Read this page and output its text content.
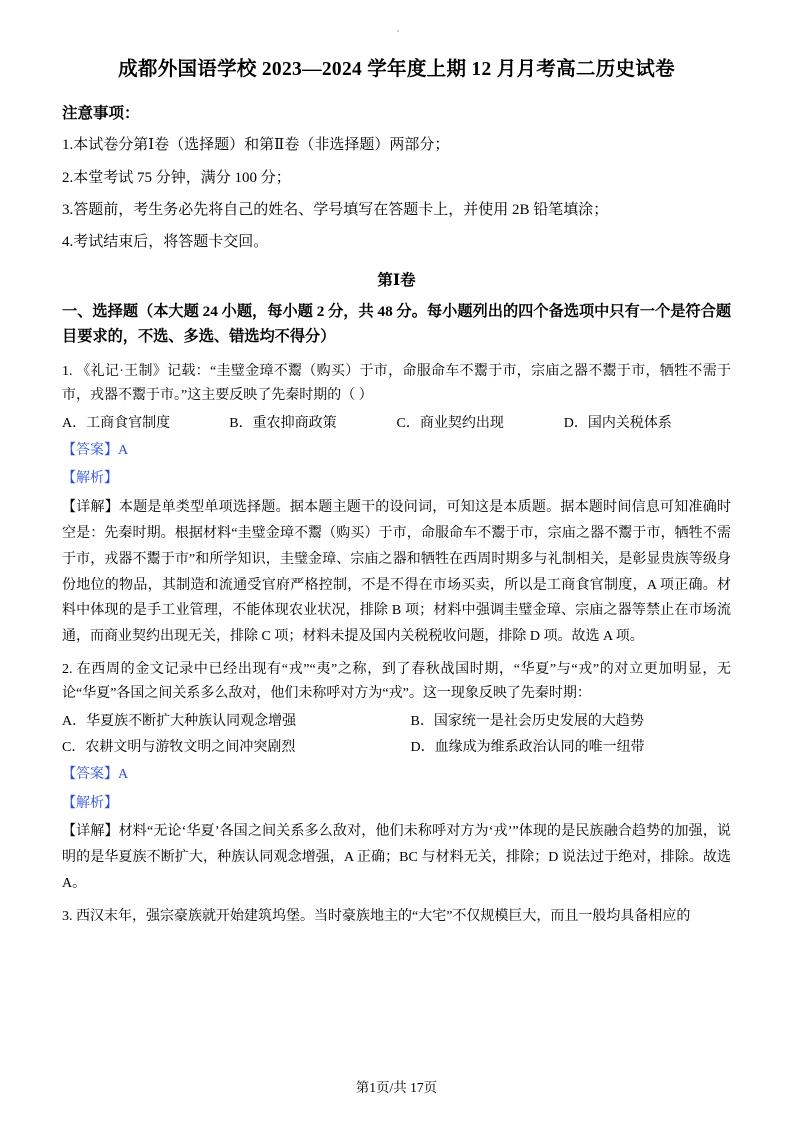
成都外国语学校 2023—2024 学年度上期 12 月月考高二历史试卷
注意事项：
1.本试卷分第Ⅰ卷（选择题）和第Ⅱ卷（非选择题）两部分；
2.本堂考试 75 分钟，满分 100 分；
3.答题前，考生务必先将自己的姓名、学号填写在答题卡上，并使用 2B 铅笔填涂；
4.考试结束后，将答题卡交回。
第Ⅰ卷
一、选择题（本大题 24 小题，每小题 2 分，共 48 分。每小题列出的四个备选项中只有一个是符合题目要求的，不选、多选、错选均不得分）
1. 《礼记·王制》记载：“圭璧金璋不鬻（购买）于市，命服命车不鬻于市，宗庙之器不鬻于市，牺牲不需于市，戎器不鬻于市。”这主要反映了先秦时期的（ ）
A．工商食官制度	B．重农抑商政策	C．商业契约出现	D．国内关税体系
【答案】A
【解析】
【详解】本题是单类型单项选择题。据本题主题干的设问词，可知这是本质题。据本题时间信息可知准确时空是：先秦时期。根据材料“圭璧金璋不鬻（购买）于市，命服命车不鬻于市，宗庙之器不鬻于市，牺牲不需于市，戎器不鬻于市”和所学知识，圭璧金璋、宗庙之器和牺牲在西周时期多与礼制相关，是彰显贵族等级身份地位的物品，其制造和流通受官府严格控制，不是不得在市场买卖，所以是工商食官制度，A 项正确。材料中体现的是手工业管理，不能体现农业状况，排除 B 项；材料中强调圭璧金璋、宗庙之器等禁止在市场流通，而商业契约出现无关，排除 C 项；材料未提及国内关税税收问题，排除 D 项。故选 A 项。
2. 在西周的金文记录中已经出现有“戎”“夷”之称，到了春秋战国时期，“华夏”与“戎”的对立更加明显，无论“华夏”各国之间关系多么敌对，他们未称呼对方为“戎”。这一现象反映了先秦时期：
A．华夏族不断扩大种族认同观念增强	B．国家统一是社会历史发展的大趋势
C．农耕文明与游牧文明之间冲突剧烈	D．血缘成为维系政治认同的唯一纽带
【答案】A
【解析】
【详解】材料“无论‘华夏’各国之间关系多么敌对，他们未称呼对方为‘戎’”体现的是民族融合趋势的加强，说明的是华夏族不断扩大，种族认同观念增强，A 正确；BC 与材料无关，排除；D 说法过于绝对，排除。故选 A。
3. 西汉末年，强宗豪族就开始建筑坞堡。当时豪族地主的“大宅”不仅规模巨大，而且一般均具备相应的
第1页/共 17页
